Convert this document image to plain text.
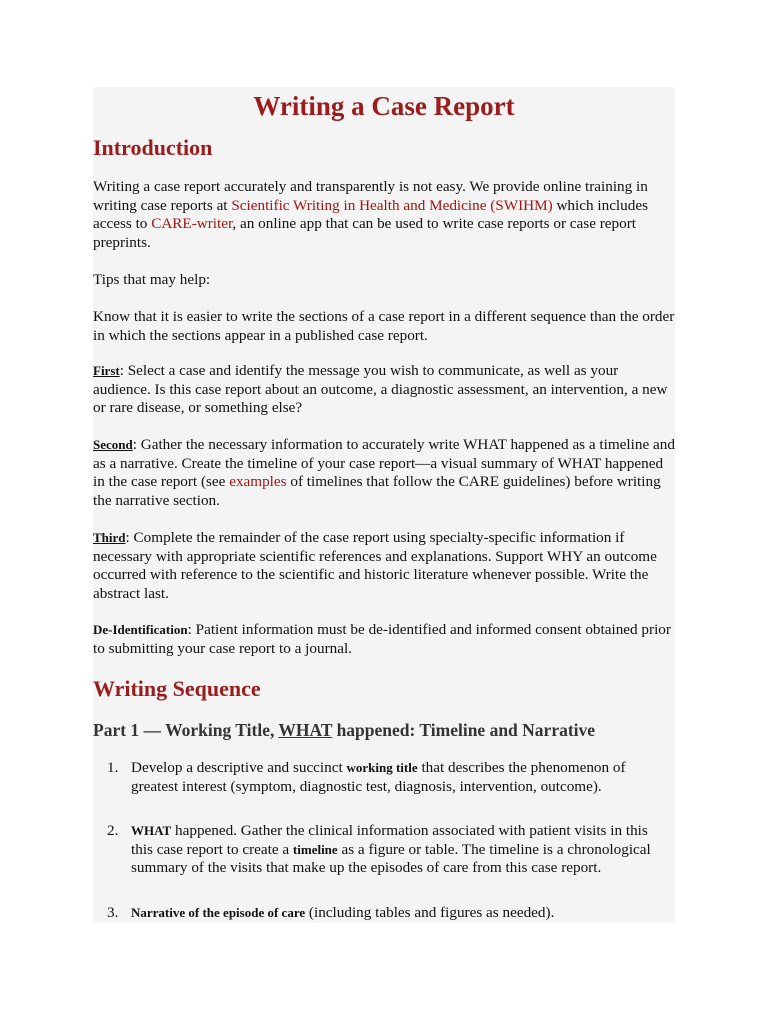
Writing a Case Report
Introduction

Writing a case report accurately and transparently is not easy. We provide online training in writing case reports at Scientific Writing in Health and Medicine (SWIHM) which includes access to CARE-writer, an online app that can be used to write case reports or case report preprints.

Tips that may help:

Know that it is easier to write the sections of a case report in a different sequence than the order in which the sections appear in a published case report.

First: Select a case and identify the message you wish to communicate, as well as your audience. Is this case report about an outcome, a diagnostic assessment, an intervention, a new or rare disease, or something else?

Second: Gather the necessary information to accurately write WHAT happened as a timeline and as a narrative. Create the timeline of your case report—a visual summary of WHAT happened in the case report (see examples of timelines that follow the CARE guidelines) before writing the narrative section.

Third: Complete the remainder of the case report using specialty-specific information if necessary with appropriate scientific references and explanations. Support WHY an outcome occurred with reference to the scientific and historic literature whenever possible. Write the abstract last.

De-Identification: Patient information must be de-identified and informed consent obtained prior to submitting your case report to a journal.

Writing Sequence
Part 1 — Working Title, WHAT happened: Timeline and Narrative
1. Develop a descriptive and succinct working title that describes the phenomenon of greatest interest (symptom, diagnostic test, diagnosis, intervention, outcome).
2. WHAT happened. Gather the clinical information associated with patient visits in this this case report to create a timeline as a figure or table. The timeline is a chronological summary of the visits that make up the episodes of care from this case report.
3. Narrative of the episode of care (including tables and figures as needed).
